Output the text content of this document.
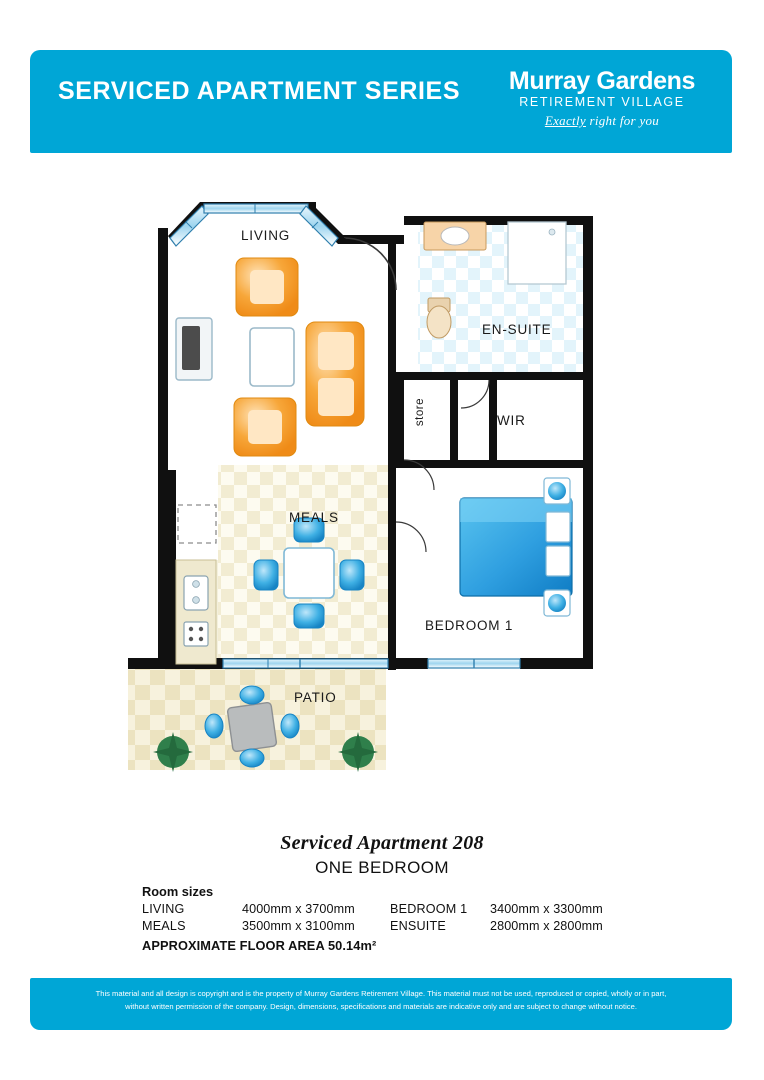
SERVICED APARTMENT SERIES	Murray Gardens
RETIREMENT VILLAGE
Exactly right for you
LIVING
EN-SUITE
store	WIR
MEALS
BEDROOM 1
PATIO
Serviced Apartment 208
ONE BEDROOM
Room sizes
LIVING	4000mm x 3700mm	BEDROOM 1	3400mm x 3300mm
MEALS	3500mm x 3100mm	ENSUITE	2800mm x 2800mm
APPROXIMATE FLOOR AREA 50.14m²
This material and all design is copyright and is the property of Murray Gardens Retirement Village. This material must not be used, reproduced or copied, wholly or in part,
without written permission of the company. Design, dimensions, specifications and materials are indicative only and are subject to change without notice.
